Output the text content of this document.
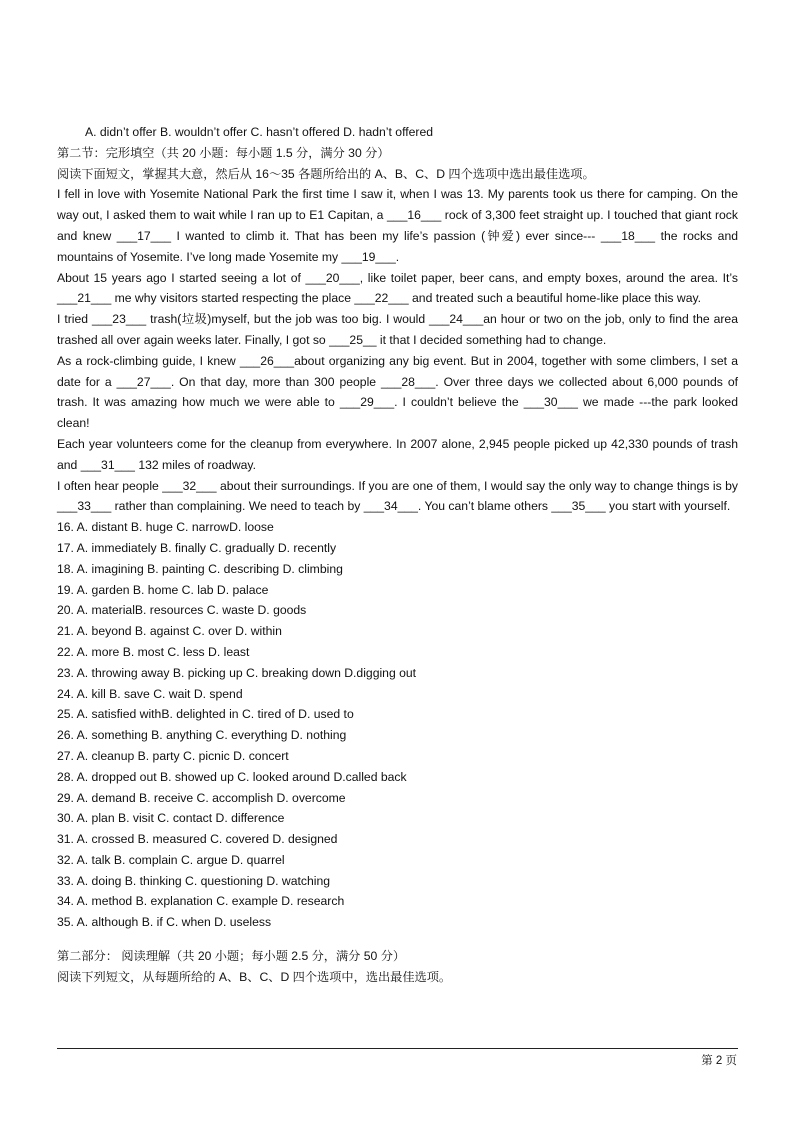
A. didn’t offer B. wouldn’t offer C. hasn’t offered D. hadn’t offered
第二节：完形填空（共 20 小题：每小题 1.5 分，满分 30 分）
阅读下面短文，掌握其大意，然后从 16～35 各题所给出的 A、B、C、D 四个选项中选出最佳选项。
I fell in love with Yosemite National Park the first time I saw it, when I was 13. My parents took us there for camping. On the way out, I asked them to wait while I ran up to E1 Capitan, a ___16___ rock of 3,300 feet straight up. I touched that giant rock and knew ___17___ I wanted to climb it. That has been my life’s passion (钟爱) ever since--- ___18___ the rocks and mountains of Yosemite. I’ve long made Yosemite my ___19___.
About 15 years ago I started seeing a lot of ___20___, like toilet paper, beer cans, and empty boxes, around the area. It’s ___21___ me why visitors started respecting the place ___22___ and treated such a beautiful home-like place this way.
I tried ___23___ trash(垃圾)myself, but the job was too big. I would ___24___an hour or two on the job, only to find the area trashed all over again weeks later. Finally, I got so ___25__ it that I decided something had to change.
As a rock-climbing guide, I knew ___26___about organizing any big event. But in 2004, together with some climbers, I set a date for a ___27___. On that day, more than 300 people ___28___. Over three days we collected about 6,000 pounds of trash. It was amazing how much we were able to ___29___. I couldn’t believe the ___30___ we made ---the park looked clean!
Each year volunteers come for the cleanup from everywhere. In 2007 alone, 2,945 people picked up 42,330 pounds of trash and ___31___ 132 miles of roadway.
I often hear people ___32___ about their surroundings. If you are one of them, I would say the only way to change things is by ___33___ rather than complaining. We need to teach by ___34___. You can’t blame others ___35___ you start with yourself.
16. A. distant B. huge C. narrowD. loose
17. A. immediately B. finally C. gradually D. recently
18. A. imagining B. painting C. describing D. climbing
19. A. garden B. home C. lab D. palace
20. A. materialB. resources C. waste D. goods
21. A. beyond B. against C. over D. within
22. A. more B. most C. less D. least
23. A. throwing away B. picking up C. breaking down D.digging out
24. A. kill B. save C. wait D. spend
25. A. satisfied withB. delighted in C. tired of D. used to
26. A. something B. anything C. everything D. nothing
27. A. cleanup B. party C. picnic D. concert
28. A. dropped out B. showed up C. looked around D.called back
29. A. demand B. receive C. accomplish D. overcome
30. A. plan B. visit C. contact D. difference
31. A. crossed B. measured C. covered D. designed
32. A. talk B. complain C. argue D. quarrel
33. A. doing B. thinking C. questioning D. watching
34. A. method B. explanation C. example D. research
35. A. although B. if C. when D. useless
第二部分： 阅读理解（共 20 小题；每小题 2.5 分，满分 50 分）
阅读下列短文，从每题所给的 A、B、C、D 四个选项中，选出最佳选项。
第 2 页
